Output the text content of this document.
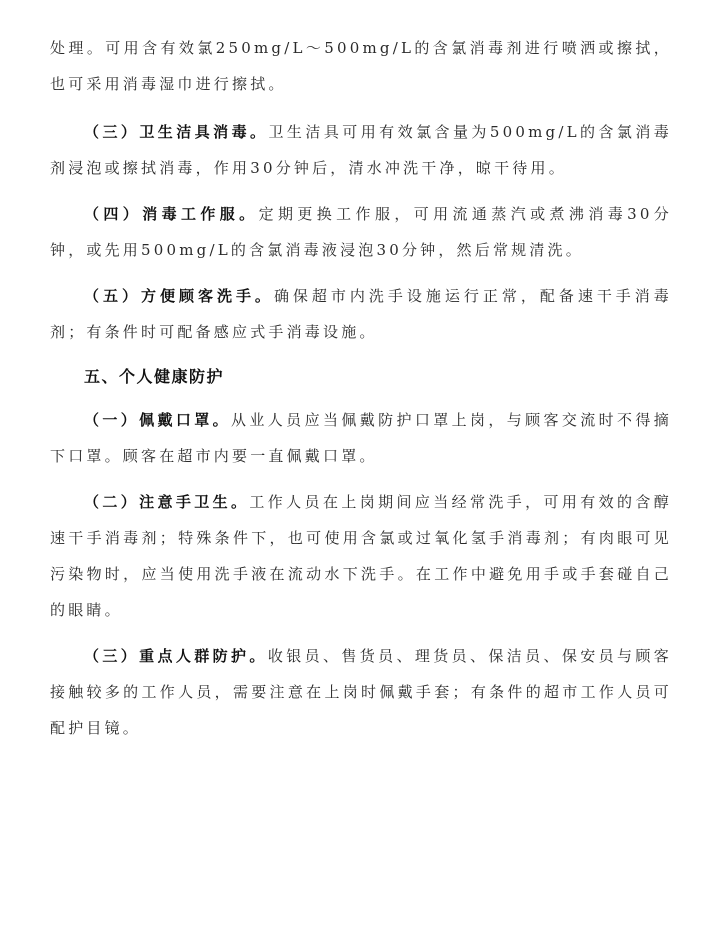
处理。可用含有效氯250mg/L～500mg/L的含氯消毒剂进行喷洒或擦拭，也可采用消毒湿巾进行擦拭。

（三）卫生洁具消毒。卫生洁具可用有效氯含量为500mg/L的含氯消毒剂浸泡或擦拭消毒，作用30分钟后，清水冲洗干净，晾干待用。

（四）消毒工作服。定期更换工作服，可用流通蒸汽或煮沸消毒30分钟，或先用500mg/L的含氯消毒液浸泡30分钟，然后常规清洗。

（五）方便顾客洗手。确保超市内洗手设施运行正常，配备速干手消毒剂；有条件时可配备感应式手消毒设施。

五、个人健康防护

（一）佩戴口罩。从业人员应当佩戴防护口罩上岗，与顾客交流时不得摘下口罩。顾客在超市内要一直佩戴口罩。

（二）注意手卫生。工作人员在上岗期间应当经常洗手，可用有效的含醇速干手消毒剂；特殊条件下，也可使用含氯或过氧化氢手消毒剂；有肉眼可见污染物时，应当使用洗手液在流动水下洗手。在工作中避免用手或手套碰自己的眼睛。

（三）重点人群防护。收银员、售货员、理货员、保洁员、保安员与顾客接触较多的工作人员，需要注意在上岗时佩戴手套；有条件的超市工作人员可配护目镜。
